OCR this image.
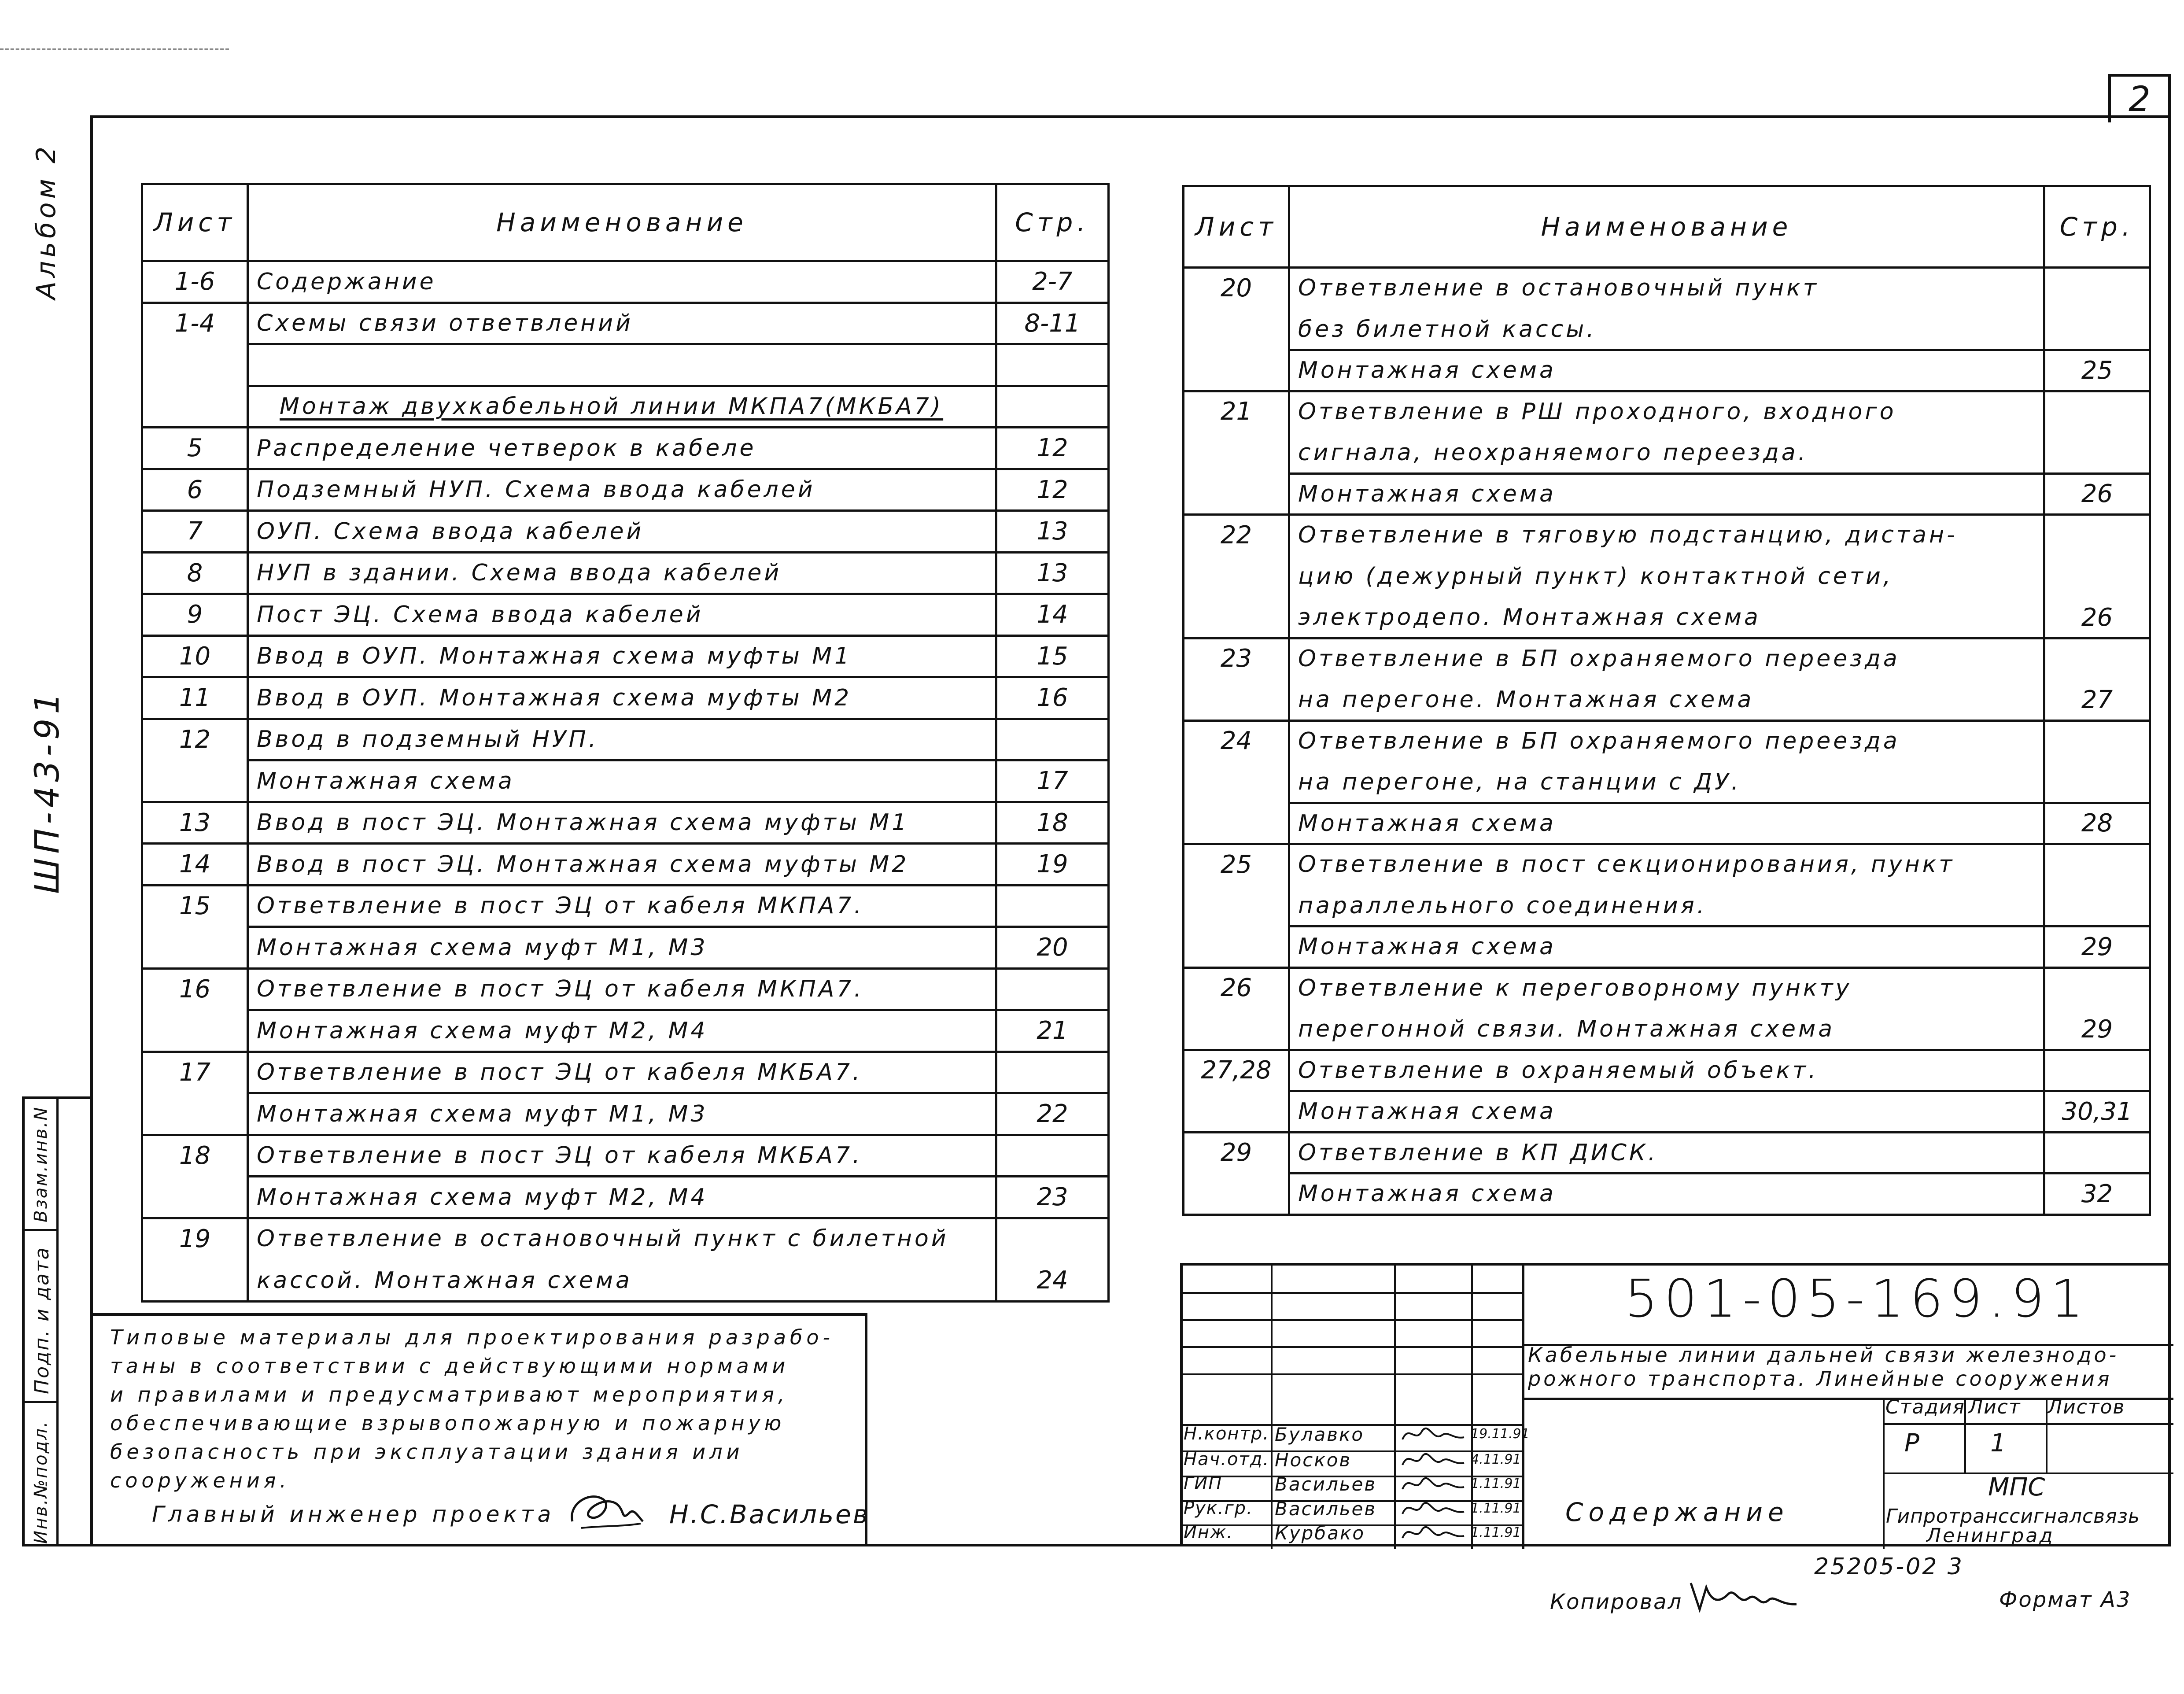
2
Альбом 2
ШП-43-91
Взам.инв.N
Подп. и дата
Инв.№подл.
Лист	Наименование	Стр.
1-6	Содержание	2-7
1-4	Схемы связи ответвлений	8-11

	Монтаж двухкабельной линии МКПА7(МКБА7)	
5	Распределение четверок в кабеле	12
6	Подземный НУП. Схема ввода кабелей	12
7	ОУП. Схема ввода кабелей	13
8	НУП в здании. Схема ввода кабелей	13
9	Пост ЭЦ. Схема ввода кабелей	14
10	Ввод в ОУП. Монтажная схема муфты М1	15
11	Ввод в ОУП. Монтажная схема муфты М2	16
12	Ввод в подземный НУП.	
	Монтажная схема	17
13	Ввод в пост ЭЦ. Монтажная схема муфты М1	18
14	Ввод в пост ЭЦ. Монтажная схема муфты М2	19
15	Ответвление в пост ЭЦ от кабеля МКПА7.	
	Монтажная схема муфт М1, М3	20
16	Ответвление в пост ЭЦ от кабеля МКПА7.	
	Монтажная схема муфт М2, М4	21
17	Ответвление в пост ЭЦ от кабеля МКБА7.	
	Монтажная схема муфт М1, М3	22
18	Ответвление в пост ЭЦ от кабеля МКБА7.	
	Монтажная схема муфт М2, М4	23
19	Ответвление в остановочный пункт с билетной	
	кассой. Монтажная схема	24
Лист	Наименование	Стр.
20	Ответвление в остановочный пункт	
	без билетной кассы.	
	Монтажная схема	25
21	Ответвление в РШ проходного, входного	
	сигнала, неохраняемого переезда.	
	Монтажная схема	26
22	Ответвление в тяговую подстанцию, дистан-	
	цию (дежурный пункт) контактной сети,	
	электродепо. Монтажная схема	26
23	Ответвление в БП охраняемого переезда	
	на перегоне. Монтажная схема	27
24	Ответвление в БП охраняемого переезда	
	на перегоне, на станции с ДУ.	
	Монтажная схема	28
25	Ответвление в пост секционирования, пункт	
	параллельного соединения.	
	Монтажная схема	29
26	Ответвление к переговорному пункту	
	перегонной связи. Монтажная схема	29
27,28	Ответвление в охраняемый объект.	
	Монтажная схема	30,31
29	Ответвление в КП ДИСК.	
	Монтажная схема	32
Типовые материалы для проектирования разрабо-
таны в соответствии с действующими нормами
и правилами и предусматривают мероприятия,
обеспечивающие взрывопожарную и пожарную
безопасность при эксплуатации здания или
сооружения.
Главный инженер проекта	Н.С.Васильев
501-05-169.91
Кабельные линии дальней связи железнодо-
рожного транспорта. Линейные сооружения
Содержание
Стадия Лист Листов
Р	1
МПС
Гипротранссигналсвязь
Ленинград
Н.контр. Булавко	19.11.91
Нач.отд. Носков	4.11.91
ГИП	Васильев	1.11.91
Рук.гр. Васильев	1.11.91
Инж. Курбако	1.11.91
25205-02 3
Копировал	Формат А3
